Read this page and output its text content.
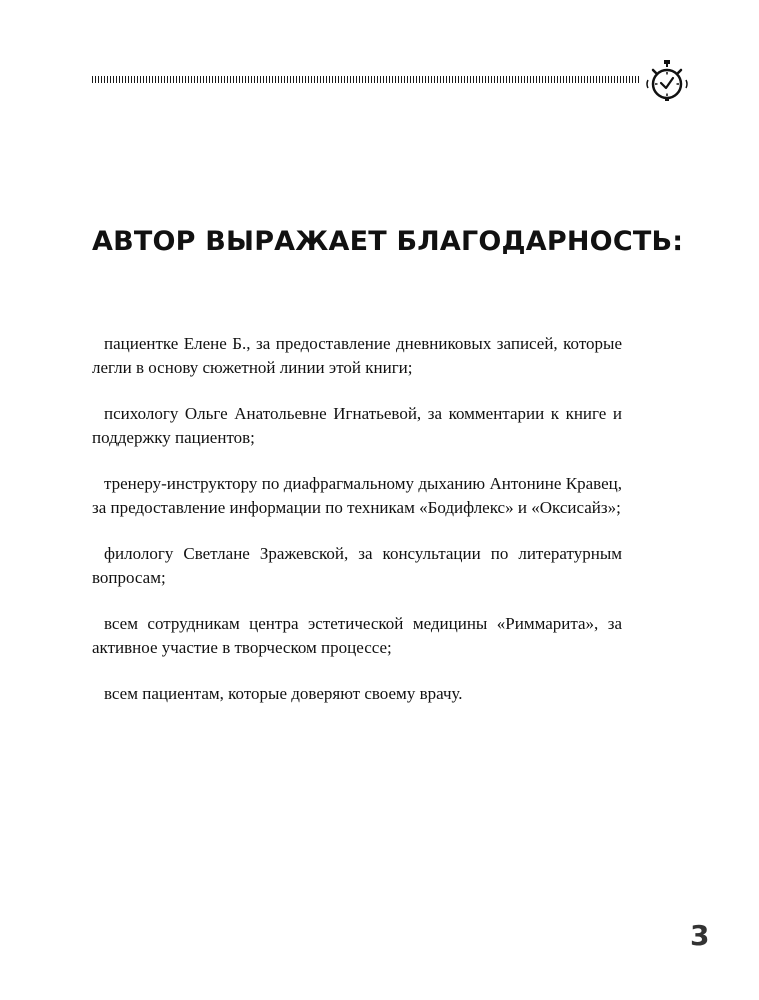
АВТОР ВЫРАЖАЕТ БЛАГОДАРНОСТЬ:

пациентке Елене Б., за предоставление дневниковых записей, которые легли в основу сюжетной линии этой книги;

психологу Ольге Анатольевне Игнатьевой, за комментарии к книге и поддержку пациентов;

тренеру-инструктору по диафрагмальному дыханию Антонине Кравец, за предоставление информации по техникам «Бодифлекс» и «Оксисайз»;

филологу Светлане Зражевской, за консультации по литературным вопросам;

всем сотрудникам центра эстетической медицины «Риммарита», за активное участие в творческом процессе;

всем пациентам, которые доверяют своему врачу.

3
